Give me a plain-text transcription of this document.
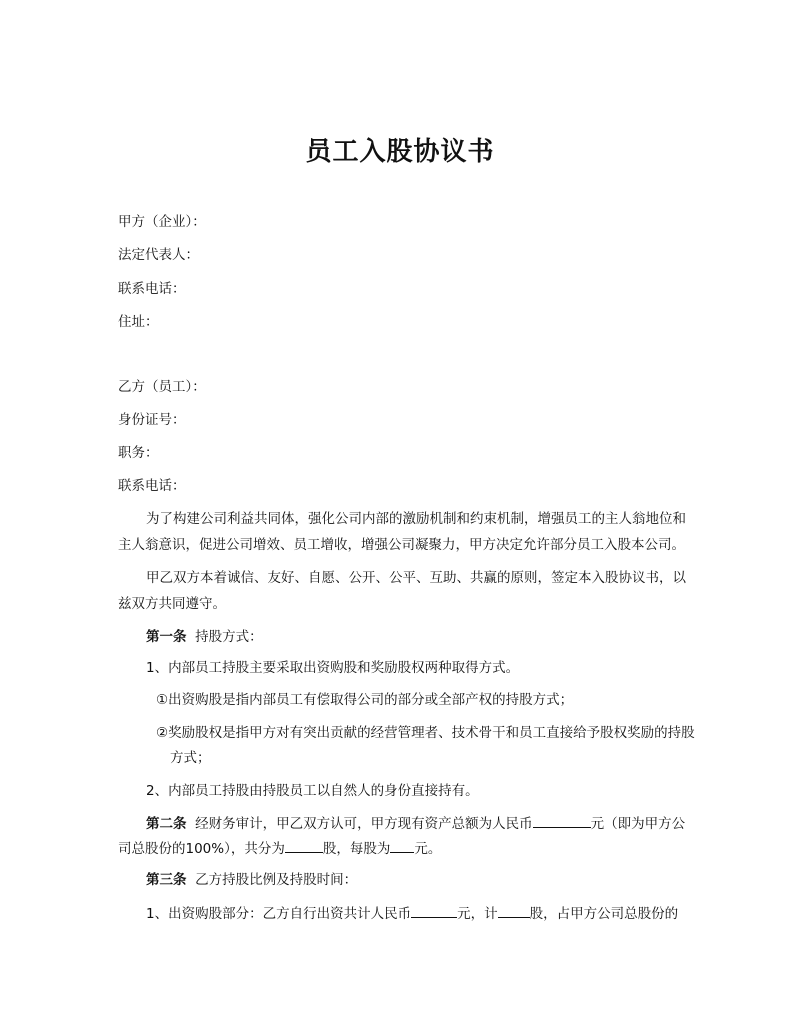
员工入股协议书
甲方（企业）：
法定代表人：
联系电话：
住址：
乙方（员工）：
身份证号：
职务：
联系电话：
为了构建公司利益共同体，强化公司内部的激励机制和约束机制，增强员工的主人翁地位和
主人翁意识，促进公司增效、员工增收，增强公司凝聚力，甲方决定允许部分员工入股本公司。
甲乙双方本着诚信、友好、自愿、公开、公平、互助、共赢的原则，签定本入股协议书，以
兹双方共同遵守。
第一条 持股方式：
1、内部员工持股主要采取出资购股和奖励股权两种取得方式。
①出资购股是指内部员工有偿取得公司的部分或全部产权的持股方式；
②奖励股权是指甲方对有突出贡献的经营管理者、技术骨干和员工直接给予股权奖励的持股
方式；
2、内部员工持股由持股员工以自然人的身份直接持有。
第二条 经财务审计，甲乙双方认可，甲方现有资产总额为人民币	元（即为甲方公
司总股份的100%），共分为	股，每股为 元。
第三条 乙方持股比例及持股时间：
1、出资购股部分：乙方自行出资共计人民币	元，计 股，占甲方公司总股份的
